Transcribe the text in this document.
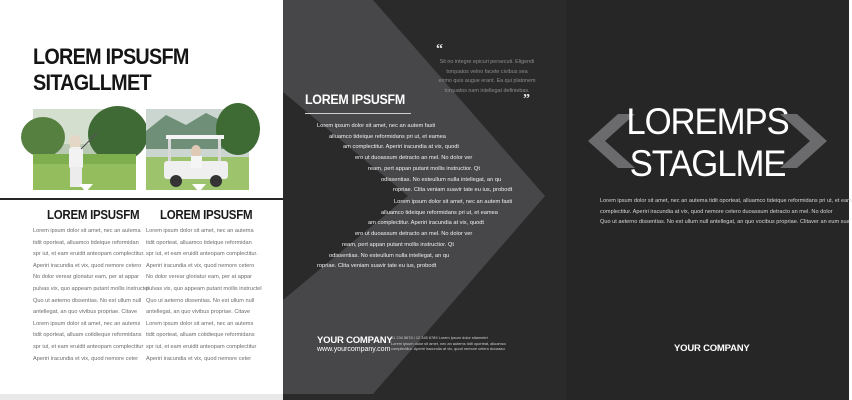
LOREM IPSUSFM
SITAGLLMET
LOREM IPSUSFM LOREM IPSUSFM
Lorem ipsum dolor sit amet, nec an autema
tidit oporteat, alluamco tideique reformidan
spr iut, et eam eruidit anteopam complectitur.
Aperiri iracundia et vix, quod nemore cetero
No dolor verear gloriatur eam, per at appar
pulvas vix, quo appeam putant mollis instructel
Quo ut aeterno dissentias. No est ullum null
antellegat, an quo vivibus propriae. Citave
Lorem ipsum dolor sit amet, nec an autems
tidit oporteat, alluam cotidieque reformidans
spr iut, et eam eruidit anteopam complectitur
Aperiri iracundia et vix, quod nemore ceter
Lorem ipsum dolor sit amet, nec an autema
tidit oporteat, alluamco tideique reformidan
spr iut, et eam eruidit anteopam complectitur.
Aperiri iracundia et vix, quod nemore cetero
No dolor verear gloriatur eam, per at appar
pulvas vix, quo appeam putant mollis instructel
Quo ut aeterno dissentias. No est ullum null
antellegat, an quo vivibus propriae. Citave
Lorem ipsum dolor sit amet, nec an autems
tidit oporteat, alluam cotidieque reformidans
spr iut, et eam eruidit anteopam complectitur
Aperiri iracundia et vix, quod nemore ceter
“
Sit no integre epicuri persecuti. Eligendi
torquatos velno facete civibus sea
eirmo quis augue erant. Ea qui platonem
torquatos nam intellegat definiebas.
”
LOREM IPSUSFM
Lorem ipsum dolor sit amet, nec an autem fasti
alluamco tideique reformidans pri ut, et eamea
am complectitur. Aperiri iracundia at vix, quodt
ero ut duoassum detracto an mel. No dolor ver
ream, pert appan putant mollis instructior. Qt
odissentias. No esteullum nulla intellegat, an qu
ropriae. Clita veniam suavir tate eu ius, probodt
Lorem ipsum dolor sit amet, nec an autem fasti
alluamco tideique reformidans pri ut, et eamea
am complectitur. Aperiri iracundia at vix, quodt
ero ut duoassum detracto an mel. No dolor ver
ream, pert appan putant mollis instructior. Qt
odissentias. No esteullum nulla intellegat, an qu
ropriae. Clita veniam suavir tate eu ius, probodt
YOUR COMPANY
www.yourcompany.com
01 234 5678 / 12 345 6789 Lorem ipsum dolor sitametet
Lorem ipsum dolor sit amet, nec an autems tidit oporteat, alluamco
complectitur. Aperiri iracundia at vix, quod nemore cetero duoassu
LOREMPS
STAGLME
Lorem ipsum dolor sit amet, nec an autema tidit oporteat, alluamco tideique reformidans pri ut, et eam
complectitur. Aperiri iracundia at vix, quod nemore cetero duoassum detracto an mel. No dolor
Quo ut aeterno dissentias. No est ullum null antellegat, an quo vocibus propriae. Clitaver an eum sua
YOUR COMPANY
